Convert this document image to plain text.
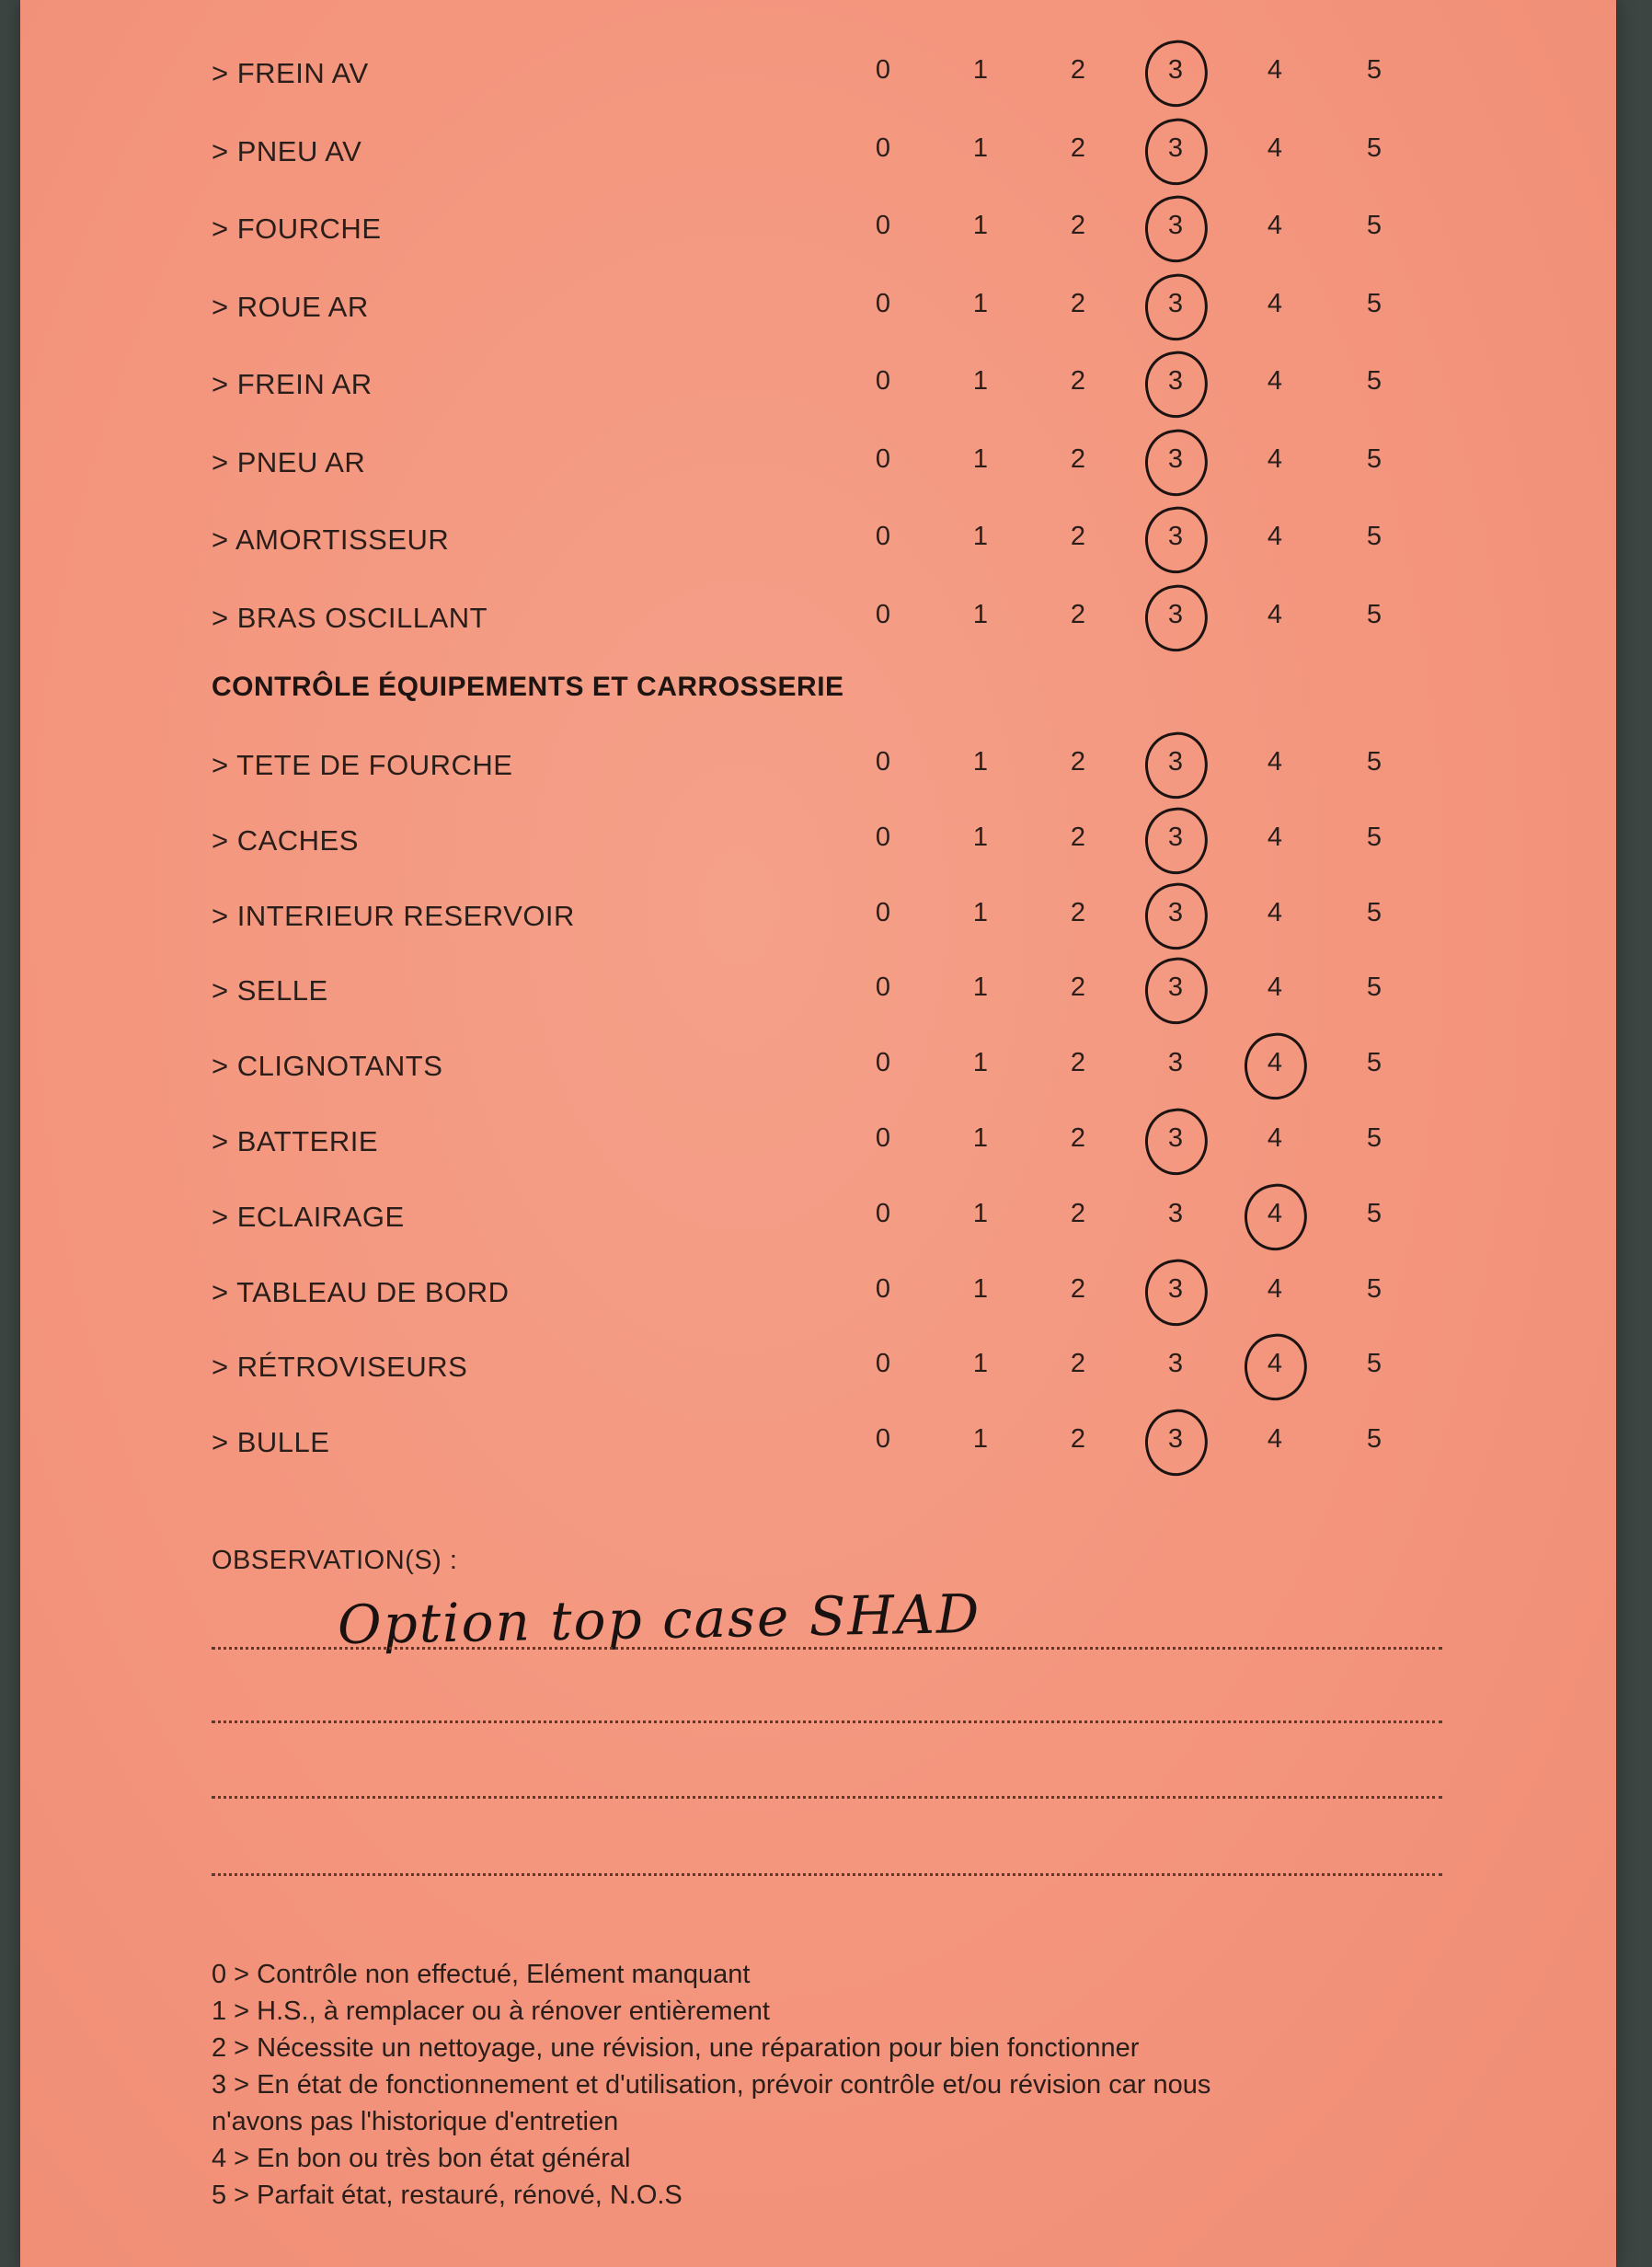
> FREIN AV	0	1	2	3	4	5
> PNEU AV	0	1	2	3	4	5
> FOURCHE	0	1	2	3	4	5
> ROUE AR	0	1	2	3	4	5
> FREIN AR	0	1	2	3	4	5
> PNEU AR	0	1	2	3	4	5
> AMORTISSEUR	0	1	2	3	4	5
> BRAS OSCILLANT	0	1	2	3	4	5
CONTRÔLE ÉQUIPEMENTS ET CARROSSERIE
> TETE DE FOURCHE	0	1	2	3	4	5
> CACHES	0	1	2	3	4	5
> INTERIEUR RESERVOIR	0	1	2	3	4	5
> SELLE	0	1	2	3	4	5
> CLIGNOTANTS	0	1	2	3	4	5
> BATTERIE	0	1	2	3	4	5
> ECLAIRAGE	0	1	2	3	4	5
> TABLEAU DE BORD	0	1	2	3	4	5
> RÉTROVISEURS	0	1	2	3	4	5
> BULLE	0	1	2	3	4	5
OBSERVATION(S) :
Option top case SHAD
0 > Contrôle non effectué, Elément manquant
1 > H.S., à remplacer ou à rénover entièrement
2 > Nécessite un nettoyage, une révision, une réparation pour bien fonctionner
3 > En état de fonctionnement et d'utilisation, prévoir contrôle et/ou révision car nous
n'avons pas l'historique d'entretien
4 > En bon ou très bon état général
5 > Parfait état, restauré, rénové, N.O.S
